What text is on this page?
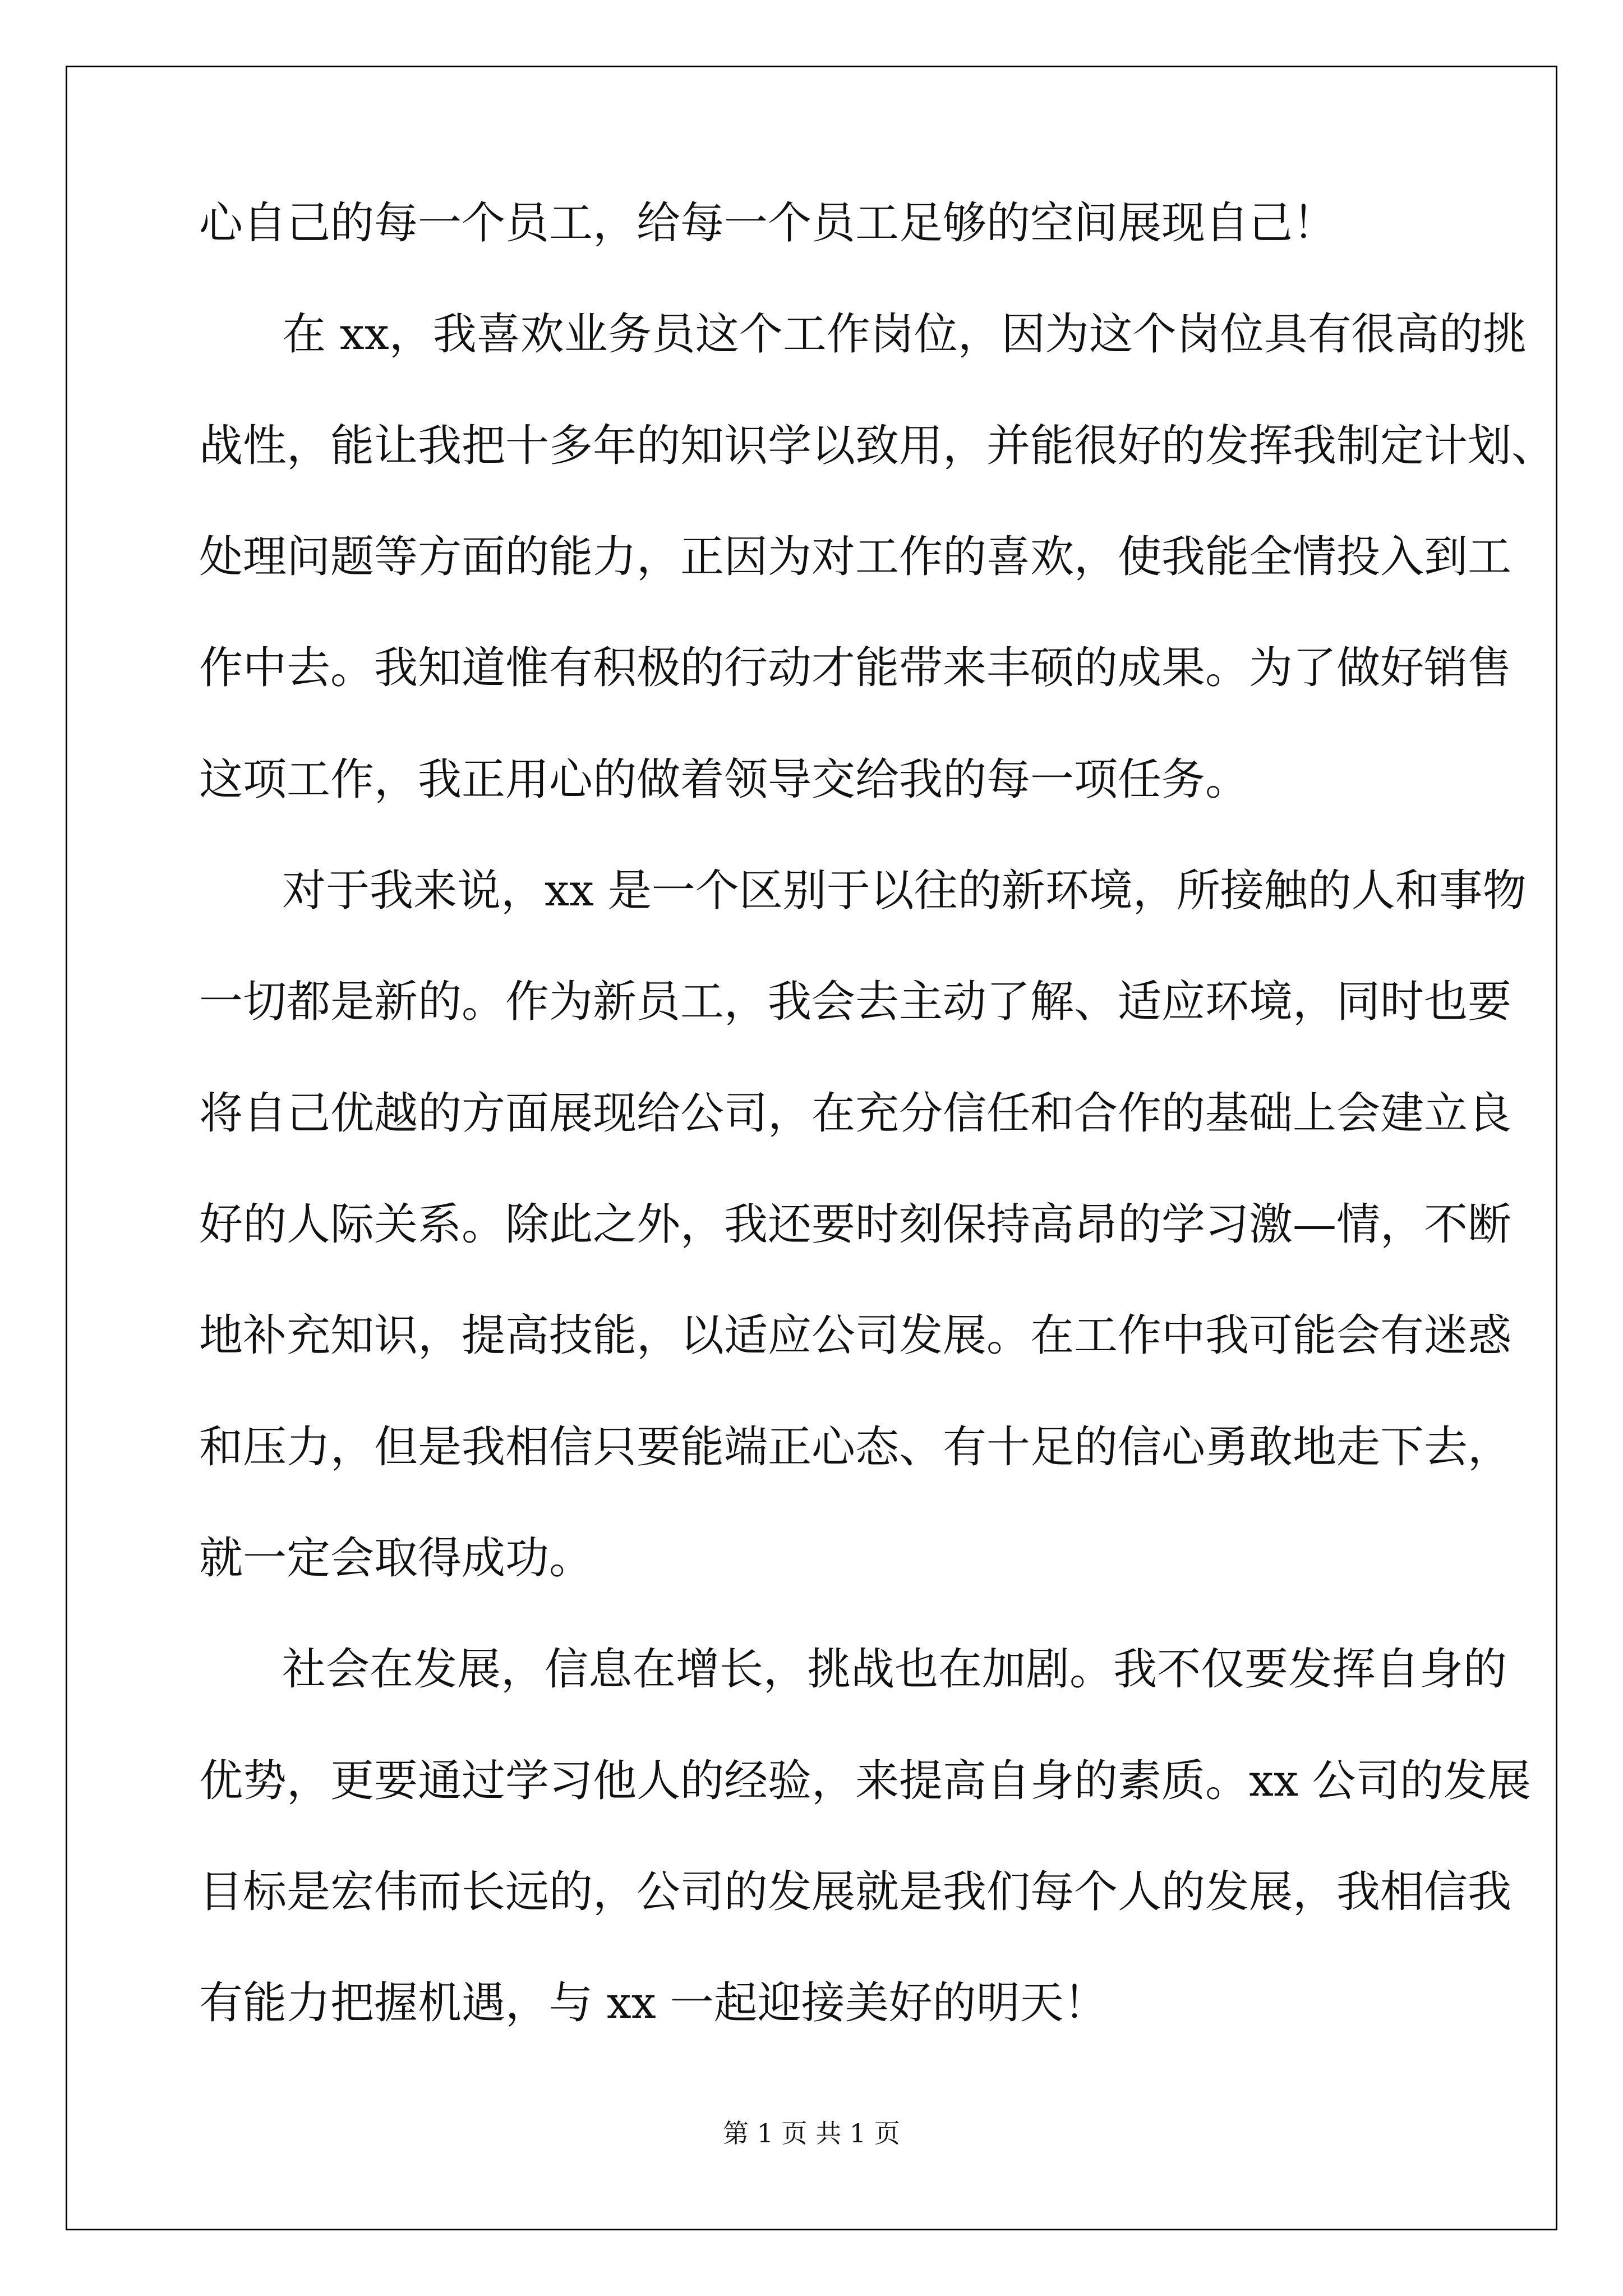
心自己的每一个员工，给每一个员工足够的空间展现自己！
在 xx，我喜欢业务员这个工作岗位，因为这个岗位具有很高的挑
战性，能让我把十多年的知识学以致用，并能很好的发挥我制定计划、
处理问题等方面的能力，正因为对工作的喜欢，使我能全情投入到工
作中去。我知道惟有积极的行动才能带来丰硕的成果。为了做好销售
这项工作，我正用心的做着领导交给我的每一项任务。
对于我来说，xx 是一个区别于以往的新环境，所接触的人和事物
一切都是新的。作为新员工，我会去主动了解、适应环境，同时也要
将自己优越的方面展现给公司，在充分信任和合作的基础上会建立良
好的人际关系。除此之外，我还要时刻保持高昂的学习激—情，不断
地补充知识，提高技能，以适应公司发展。在工作中我可能会有迷惑
和压力，但是我相信只要能端正心态、有十足的信心勇敢地走下去，
就一定会取得成功。
社会在发展，信息在增长，挑战也在加剧。我不仅要发挥自身的
优势，更要通过学习他人的经验，来提高自身的素质。xx 公司的发展
目标是宏伟而长远的，公司的发展就是我们每个人的发展，我相信我
有能力把握机遇，与 xx 一起迎接美好的明天！
第 1 页 共 1 页
